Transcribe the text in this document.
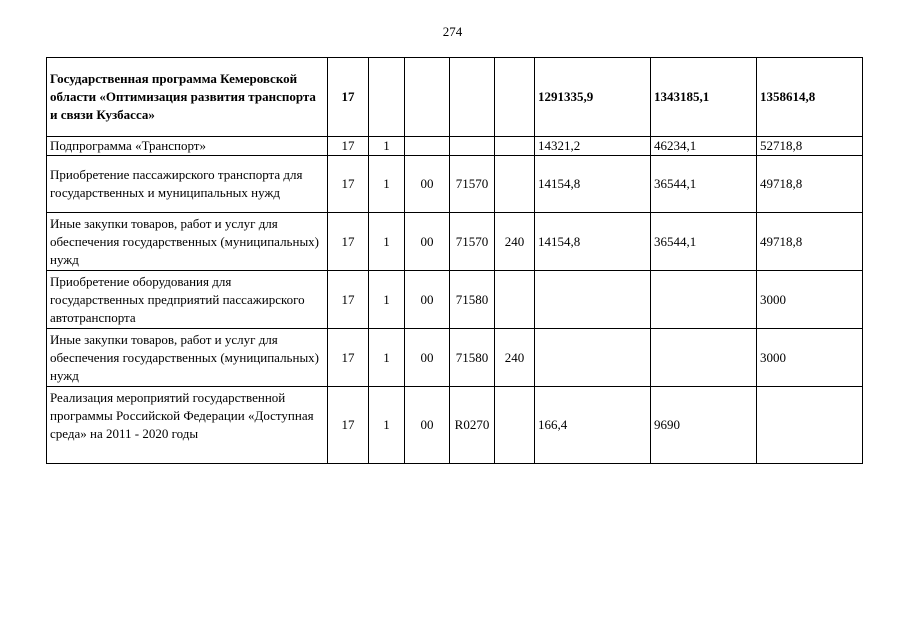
274
Государственная программа Кемеровской области «Оптимизация развития транспорта и связи Кузбасса»	17					1291335,9	1343185,1	1358614,8
Подпрограмма «Транспорт»	17	1				14321,2	46234,1	52718,8
Приобретение пассажирского транспорта для государственных и муниципальных нужд	17	1	00	71570		14154,8	36544,1	49718,8
Иные закупки товаров, работ и услуг для обеспечения государственных (муниципальных) нужд	17	1	00	71570	240	14154,8	36544,1	49718,8
Приобретение оборудования для государственных предприятий пассажирского автотранспорта	17	1	00	71580				3000
Иные закупки товаров, работ и услуг для обеспечения государственных (муниципальных) нужд	17	1	00	71580	240			3000
Реализация мероприятий государственной программы Российской Федерации «Доступная среда» на 2011 - 2020 годы	17	1	00	R0270		166,4	9690	
